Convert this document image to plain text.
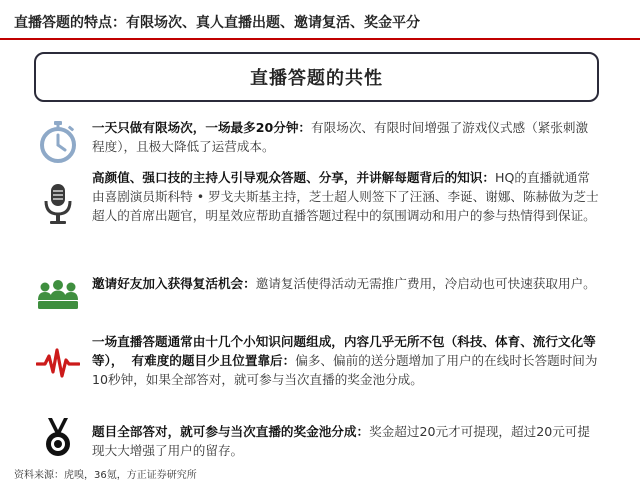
直播答题的特点：有限场次、真人直播出题、邀请复活、奖金平分
直播答题的共性
一天只做有限场次，一场最多20分钟：有限场次、有限时间增强了游戏仪式感（紧张刺激程度），且极大降低了运营成本。
高颜值、强口技的主持人引导观众答题、分享，并讲解每题背后的知识：HQ的直播就通常由喜剧演员斯科特 • 罗戈夫斯基主持，芝士超人则签下了汪涵、李诞、谢娜、陈赫做为芝士超人的首席出题官，明星效应帮助直播答题过程中的氛围调动和用户的参与热情得到保证。
邀请好友加入获得复活机会：邀请复活使得活动无需推广费用，冷启动也可快速获取用户。
一场直播答题通常由十几个小知识问题组成，内容几乎无所不包（科技、体育、流行文化等等）， 有难度的题目少且位置靠后：偏多、偏前的送分题增加了用户的在线时长答题时间为10秒钟，如果全部答对，就可参与当次直播的奖金池分成。
题目全部答对，就可参与当次直播的奖金池分成：奖金超过20元才可提现，超过20元可提现大大增强了用户的留存。
资料来源：虎嗅，36氪，方正证券研究所
